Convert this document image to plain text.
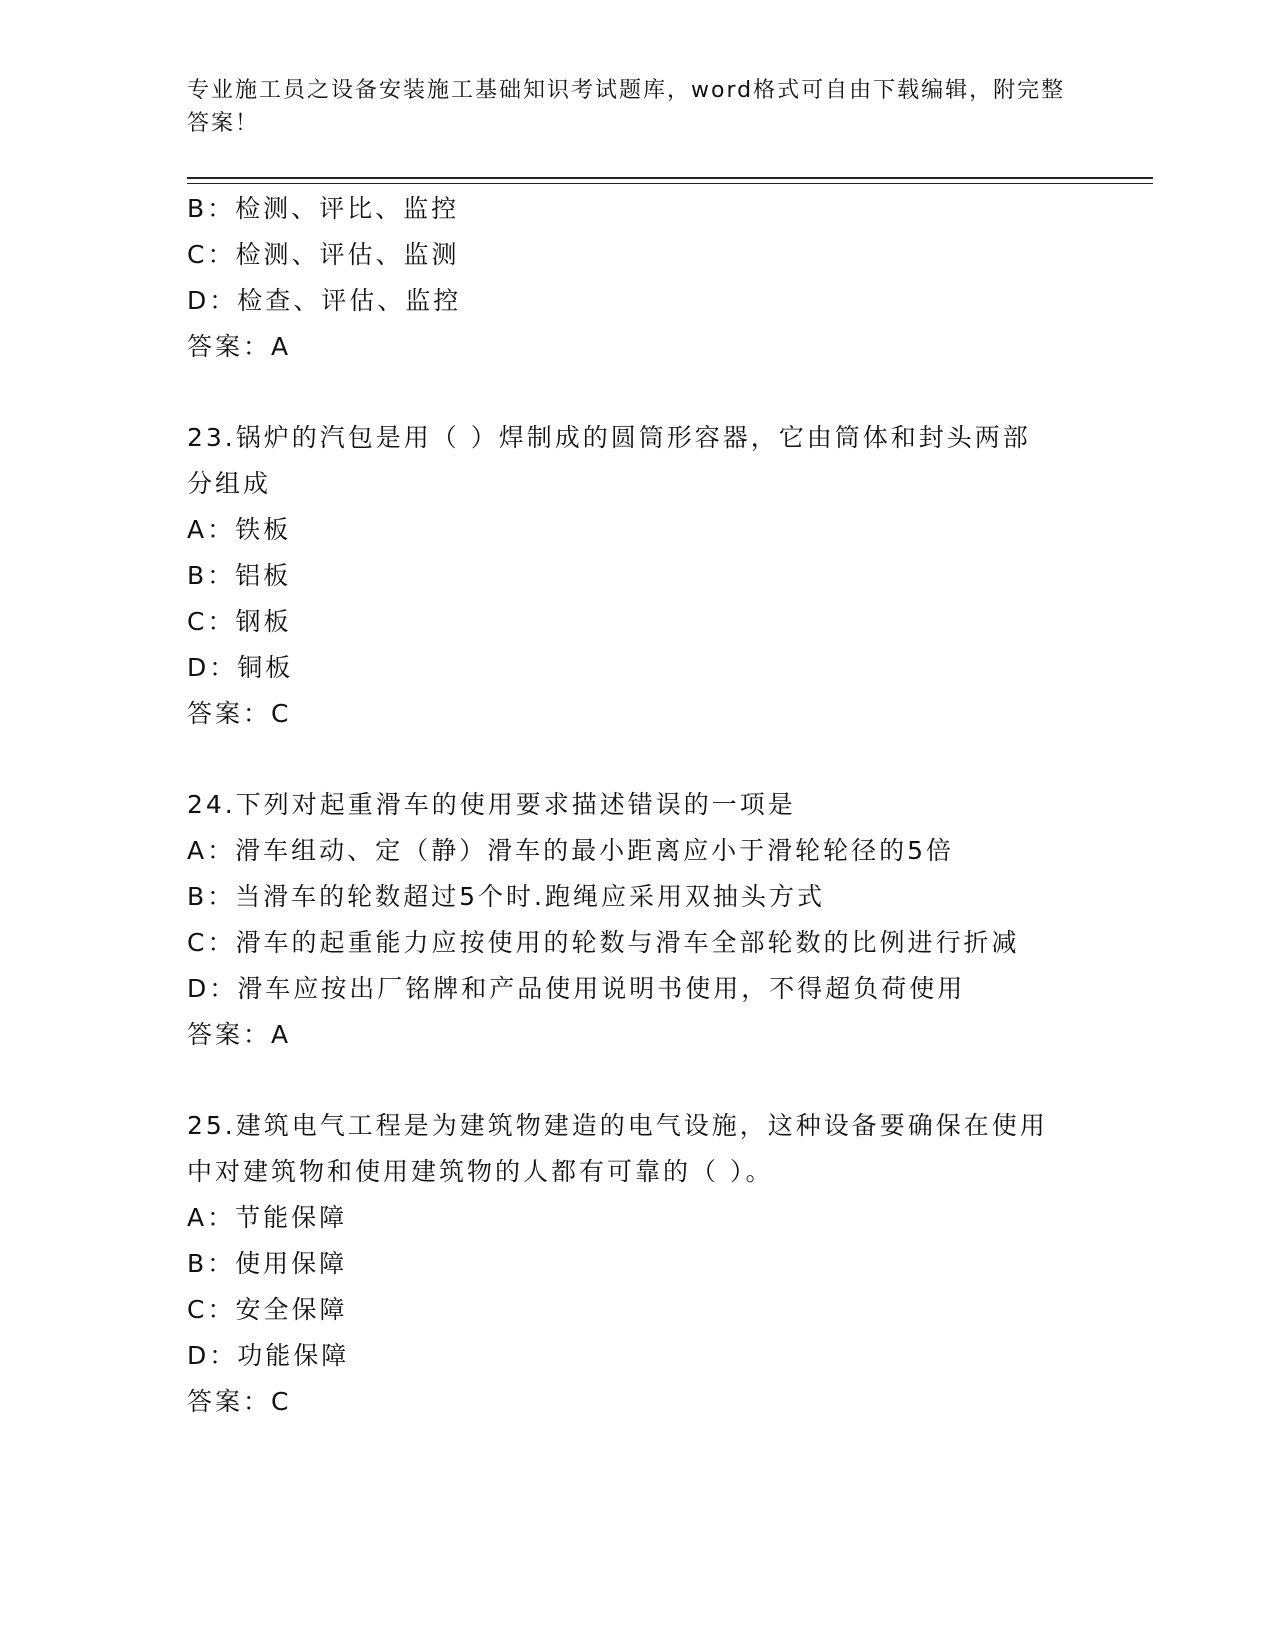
专业施工员之设备安装施工基础知识考试题库，word格式可自由下载编辑，附完整答案！
B：检测、评比、监控
C：检测、评估、监测
D：检查、评估、监控
答案：A
23.锅炉的汽包是用（ ）焊制成的圆筒形容器，它由筒体和封头两部
分组成
A：铁板
B：铝板
C：钢板
D：铜板
答案：C
24.下列对起重滑车的使用要求描述错误的一项是
A：滑车组动、定（静）滑车的最小距离应小于滑轮轮径的5倍
B：当滑车的轮数超过5个时.跑绳应采用双抽头方式
C：滑车的起重能力应按使用的轮数与滑车全部轮数的比例进行折减
D：滑车应按出厂铭牌和产品使用说明书使用，不得超负荷使用
答案：A
25.建筑电气工程是为建筑物建造的电气设施，这种设备要确保在使用
中对建筑物和使用建筑物的人都有可靠的（ ）。
A：节能保障
B：使用保障
C：安全保障
D：功能保障
答案：C
